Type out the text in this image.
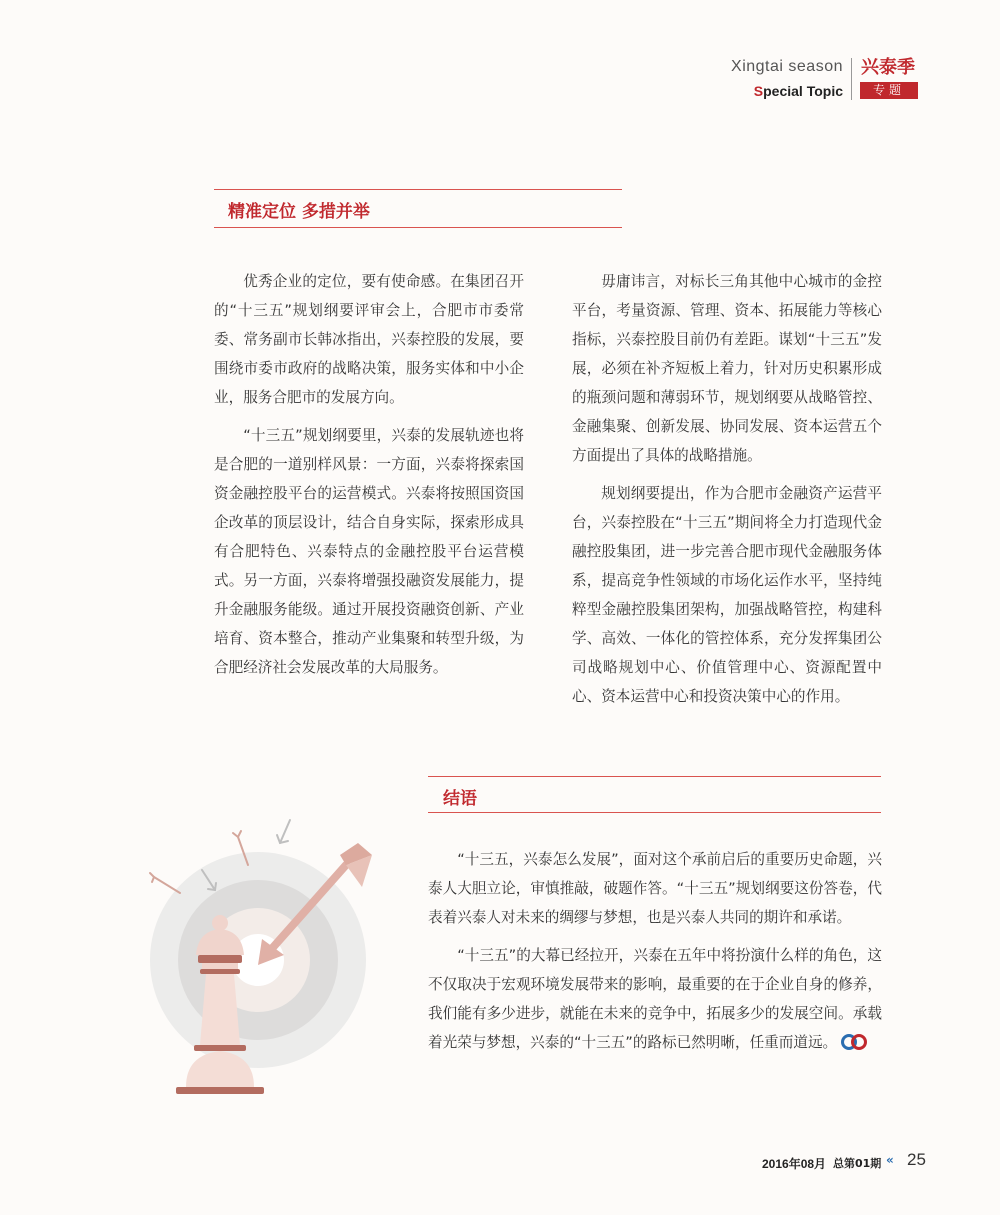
Xingtai season
Special Topic
兴泰季
专题
精准定位 多措并举

优秀企业的定位，要有使命感。在集团召开的“十三五”规划纲要评审会上，合肥市市委常委、常务副市长韩冰指出，兴泰控股的发展，要围绕市委市政府的战略决策，服务实体和中小企业，服务合肥市的发展方向。

“十三五”规划纲要里，兴泰的发展轨迹也将是合肥的一道别样风景：一方面，兴泰将探索国资金融控股平台的运营模式。兴泰将按照国资国企改革的顶层设计，结合自身实际，探索形成具有合肥特色、兴泰特点的金融控股平台运营模式。另一方面，兴泰将增强投融资发展能力，提升金融服务能级。通过开展投资融资创新、产业培育、资本整合，推动产业集聚和转型升级，为合肥经济社会发展改革的大局服务。

毋庸讳言，对标长三角其他中心城市的金控平台，考量资源、管理、资本、拓展能力等核心指标，兴泰控股目前仍有差距。谋划“十三五”发展，必须在补齐短板上着力，针对历史积累形成的瓶颈问题和薄弱环节，规划纲要从战略管控、金融集聚、创新发展、协同发展、资本运营五个方面提出了具体的战略措施。

规划纲要提出，作为合肥市金融资产运营平台，兴泰控股在“十三五”期间将全力打造现代金融控股集团，进一步完善合肥市现代金融服务体系，提高竞争性领域的市场化运作水平，坚持纯粹型金融控股集团架构，加强战略管控，构建科学、高效、一体化的管控体系，充分发挥集团公司战略规划中心、价值管理中心、资源配置中心、资本运营中心和投资决策中心的作用。

结语

“十三五，兴泰怎么发展”，面对这个承前启后的重要历史命题，兴泰人大胆立论，审慎推敲，破题作答。“十三五”规划纲要这份答卷，代表着兴泰人对未来的绸缪与梦想，也是兴泰人共同的期许和承诺。

“十三五”的大幕已经拉开，兴泰在五年中将扮演什么样的角色，这不仅取决于宏观环境发展带来的影响，最重要的在于企业自身的修养，我们能有多少进步，就能在未来的竞争中，拓展多少的发展空间。承载着光荣与梦想，兴泰的“十三五”的路标已然明晰，任重而道远。

2016年08月 总第01期 « 25
